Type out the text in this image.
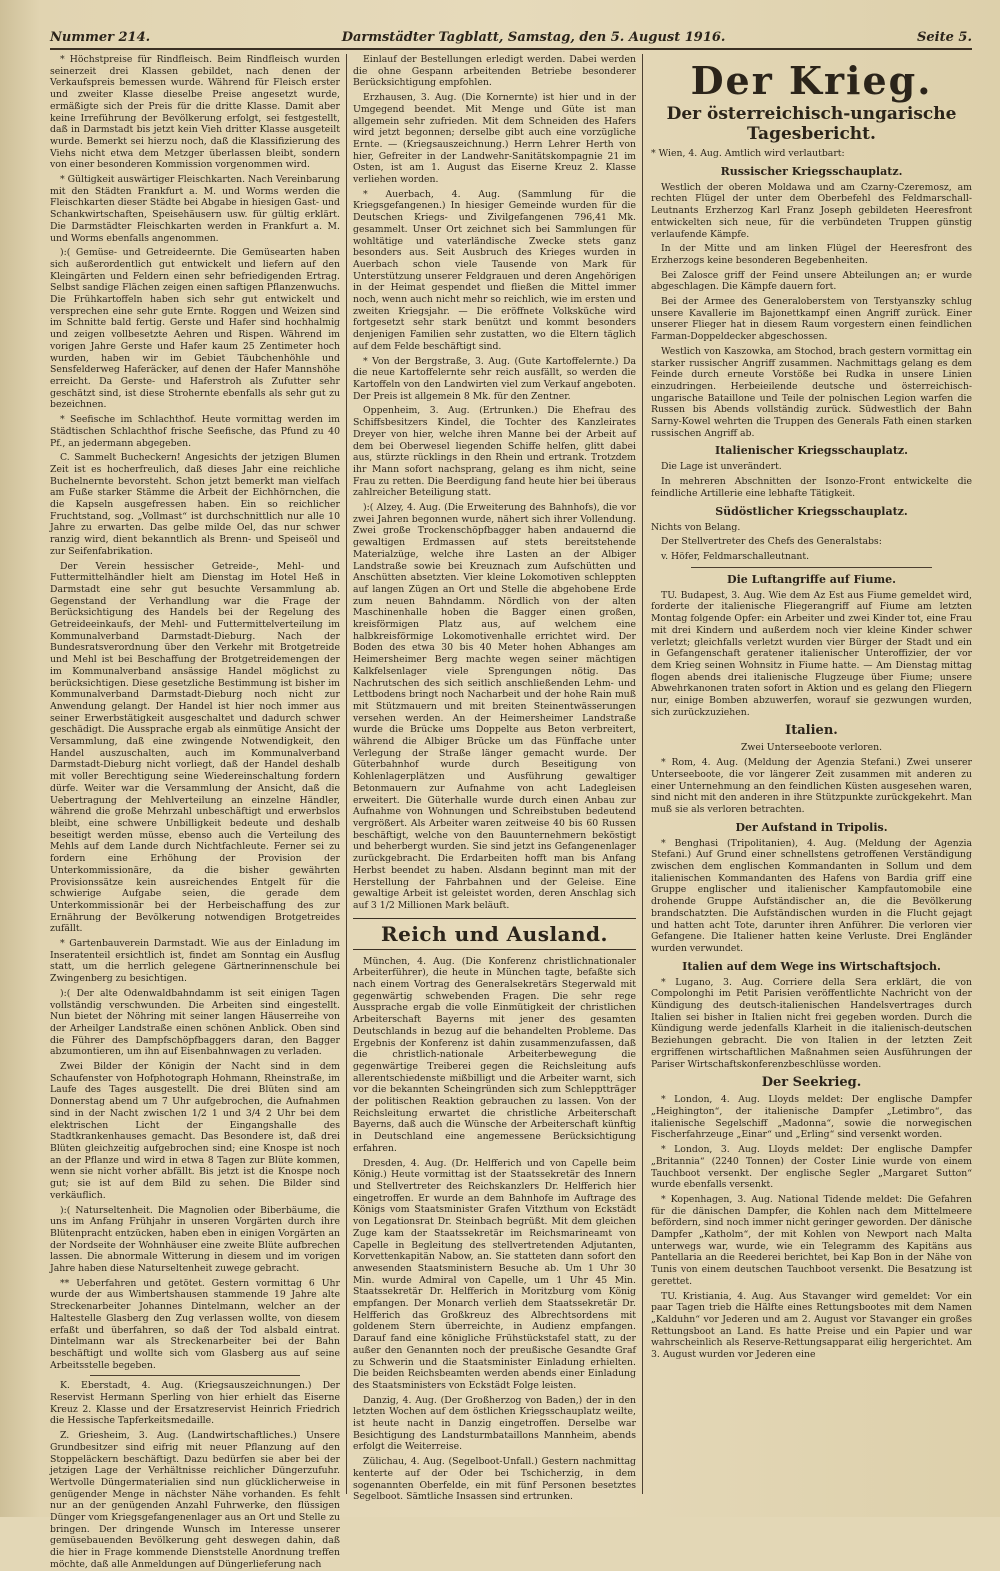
Nummer 214.	Darmstädter Tagblatt, Samstag, den 5. August 1916.	Seite 5.

* Höchstpreise für Rindfleisch. Beim Rindfleisch wurden seinerzeit drei Klassen gebildet, nach denen der Verkaufspreis bemessen wurde. Während für Fleisch erster und zweiter Klasse dieselbe Preise angesetzt wurde, ermäßigte sich der Preis für die dritte Klasse. Damit aber keine Irreführung der Bevölkerung erfolgt, sei festgestellt, daß in Darmstadt bis jetzt kein Vieh dritter Klasse ausgeteilt wurde. Bemerkt sei hierzu noch, daß die Klassifizierung des Viehs nicht etwa dem Metzger überlassen bleibt, sondern von einer besonderen Kommission vorgenommen wird.

* Gültigkeit auswärtiger Fleischkarten. Nach Vereinbarung mit den Städten Frankfurt a. M. und Worms werden die Fleischkarten dieser Städte bei Abgabe in hiesigen Gast- und Schankwirtschaften, Speisehäusern usw. für gültig erklärt. Die Darmstädter Fleischkarten werden in Frankfurt a. M. und Worms ebenfalls angenommen.

):( Gemüse- und Getreideernte. Die Gemüsearten haben sich außerordentlich gut entwickelt und liefern auf den Kleingärten und Feldern einen sehr befriedigenden Ertrag. Selbst sandige Flächen zeigen einen saftigen Pflanzenwuchs. Die Frühkartoffeln haben sich sehr gut entwickelt und versprechen eine sehr gute Ernte. Roggen und Weizen sind im Schnitte bald fertig. Gerste und Hafer sind hochhalmig und zeigen vollbesetzte Aehren und Rispen. Während im vorigen Jahre Gerste und Hafer kaum 25 Zentimeter hoch wurden, haben wir im Gebiet Täubchenhöhle und Sensfelderweg Haferäcker, auf denen der Hafer Mannshöhe erreicht. Da Gerste- und Haferstroh als Zufutter sehr geschätzt sind, ist diese Strohernte ebenfalls als sehr gut zu bezeichnen.

* Seefische im Schlachthof. Heute vormittag werden im Städtischen Schlachthof frische Seefische, das Pfund zu 40 Pf., an jedermann abgegeben.

C. Sammelt Bucheckern! Angesichts der jetzigen Blumen Zeit ist es hocherfreulich, daß dieses Jahr eine reichliche Buchelnernte bevorsteht. Schon jetzt bemerkt man vielfach am Fuße starker Stämme die Arbeit der Eichhörnchen, die die Kapseln ausgefressen haben. Ein so reichlicher Fruchtstand, sog. „Vollmast“ ist durchschnittlich nur alle 10 Jahre zu erwarten. Das gelbe milde Oel, das nur schwer ranzig wird, dient bekanntlich als Brenn- und Speiseöl und zur Seifenfabrikation.

Der Verein hessischer Getreide-, Mehl- und Futtermittelhändler hielt am Dienstag im Hotel Heß in Darmstadt eine sehr gut besuchte Versammlung ab. Gegenstand der Verhandlung war die Frage der Berücksichtigung des Handels bei der Regelung des Getreideeinkaufs, der Mehl- und Futtermittelverteilung im Kommunalverband Darmstadt-Dieburg. Nach der Bundesratsverordnung über den Verkehr mit Brotgetreide und Mehl ist bei Beschaffung der Brotgetreidemengen der im Kommunalverband ansässige Handel möglichst zu berücksichtigen. Diese gesetzliche Bestimmung ist bisher im Kommunalverband Darmstadt-Dieburg noch nicht zur Anwendung gelangt. Der Handel ist hier noch immer aus seiner Erwerbstätigkeit ausgeschaltet und dadurch schwer geschädigt. Die Aussprache ergab als einmütige Ansicht der Versammlung, daß eine zwingende Notwendigkeit, den Handel auszuschalten, auch im Kommunalverband Darmstadt-Dieburg nicht vorliegt, daß der Handel deshalb mit voller Berechtigung seine Wiedereinschaltung fordern dürfe. Weiter war die Versammlung der Ansicht, daß die Uebertragung der Mehlverteilung an einzelne Händler, während die große Mehrzahl unbeschäftigt und erwerbslos bleibt, eine schwere Unbilligkeit bedeute und deshalb beseitigt werden müsse, ebenso auch die Verteilung des Mehls auf dem Lande durch Nichtfachleute. Ferner sei zu fordern eine Erhöhung der Provision der Unterkommissionäre, da die bisher gewährten Provisionssätze kein ausreichendes Entgelt für die schwierige Aufgabe seien, die gerade dem Unterkommissionär bei der Herbeischaffung des zur Ernährung der Bevölkerung notwendigen Brotgetreides zufällt.

* Gartenbauverein Darmstadt. Wie aus der Einladung im Inseratenteil ersichtlich ist, findet am Sonntag ein Ausflug statt, um die herrlich gelegene Gärtnerinnenschule bei Zwingenberg zu besichtigen.

):( Der alte Odenwaldbahndamm ist seit einigen Tagen vollständig verschwunden. Die Arbeiten sind eingestellt. Nun bietet der Nöhring mit seiner langen Häuserreihe von der Arheilger Landstraße einen schönen Anblick. Oben sind die Führer des Dampfschöpfbaggers daran, den Bagger abzumontieren, um ihn auf Eisenbahnwagen zu verladen.

Zwei Bilder der Königin der Nacht sind in dem Schaufenster von Hofphotograph Hohmann, Rheinstraße, im Laufe des Tages ausgestellt. Die drei Blüten sind am Donnerstag abend um 7 Uhr aufgebrochen, die Aufnahmen sind in der Nacht zwischen 1/2 1 und 3/4 2 Uhr bei dem elektrischen Licht der Eingangshalle des Stadtkrankenhauses gemacht. Das Besondere ist, daß drei Blüten gleichzeitig aufgebrochen sind; eine Knospe ist noch an der Pflanze und wird in etwa 8 Tagen zur Blüte kommen, wenn sie nicht vorher abfällt. Bis jetzt ist die Knospe noch gut; sie ist auf dem Bild zu sehen. Die Bilder sind verkäuflich.

):( Naturseltenheit. Die Magnolien oder Biberbäume, die uns im Anfang Frühjahr in unseren Vorgärten durch ihre Blütenpracht entzücken, haben eben in einigen Vorgärten an der Nordseite der Wohnhäuser eine zweite Blüte aufbrechen lassen. Die abnormale Witterung in diesem und im vorigen Jahre haben diese Naturseltenheit zuwege gebracht.

** Ueberfahren und getötet. Gestern vormittag 6 Uhr wurde der aus Wimbertshausen stammende 19 Jahre alte Streckenarbeiter Johannes Dintelmann, welcher an der Haltestelle Glasberg den Zug verlassen wollte, von diesem erfaßt und überfahren, so daß der Tod alsbald eintrat. Dintelmann war als Streckenarbeiter bei der Bahn beschäftigt und wollte sich vom Glasberg aus auf seine Arbeitsstelle begeben.

K. Eberstadt, 4. Aug. (Kriegsauszeichnungen.) Der Reservist Hermann Sperling von hier erhielt das Eiserne Kreuz 2. Klasse und der Ersatzreservist Heinrich Friedrich die Hessische Tapferkeitsmedaille.

Z. Griesheim, 3. Aug. (Landwirtschaftliches.) Unsere Grundbesitzer sind eifrig mit neuer Pflanzung auf den Stoppeläckern beschäftigt. Dazu bedürfen sie aber bei der jetzigen Lage der Verhältnisse reichlicher Düngerzufuhr. Wertvolle Düngermaterialien sind nun glücklicherweise in genügender Menge in nächster Nähe vorhanden. Es fehlt nur an der genügenden Anzahl Fuhrwerke, den flüssigen Dünger vom Kriegsgefangenenlager aus an Ort und Stelle zu bringen. Der dringende Wunsch im Interesse unserer gemüsebauenden Bevölkerung geht deswegen dahin, daß die hier in Frage kommende Dienststelle Anordnung treffen möchte, daß alle Anmeldungen auf Düngerlieferung nach

Einlauf der Bestellungen erledigt werden. Dabei werden die ohne Gespann arbeitenden Betriebe besonderer Berücksichtigung empfohlen.

Erzhausen, 3. Aug. (Die Kornernte) ist hier und in der Umgegend beendet. Mit Menge und Güte ist man allgemein sehr zufrieden. Mit dem Schneiden des Hafers wird jetzt begonnen; derselbe gibt auch eine vorzügliche Ernte. — (Kriegsauszeichnung.) Herrn Lehrer Herth von hier, Gefreiter in der Landwehr-Sanitätskompagnie 21 im Osten, ist am 1. August das Eiserne Kreuz 2. Klasse verliehen worden.

* Auerbach, 4. Aug. (Sammlung für die Kriegsgefangenen.) In hiesiger Gemeinde wurden für die Deutschen Kriegs- und Zivilgefangenen 796,41 Mk. gesammelt. Unser Ort zeichnet sich bei Sammlungen für wohltätige und vaterländische Zwecke stets ganz besonders aus. Seit Ausbruch des Krieges wurden in Auerbach schon viele Tausende von Mark für Unterstützung unserer Feldgrauen und deren Angehörigen in der Heimat gespendet und fließen die Mittel immer noch, wenn auch nicht mehr so reichlich, wie im ersten und zweiten Kriegsjahr. — Die eröffnete Volksküche wird fortgesetzt sehr stark benützt und kommt besonders denjenigen Familien sehr zustatten, wo die Eltern täglich auf dem Felde beschäftigt sind.

* Von der Bergstraße, 3. Aug. (Gute Kartoffelernte.) Da die neue Kartoffelernte sehr reich ausfällt, so werden die Kartoffeln von den Landwirten viel zum Verkauf angeboten. Der Preis ist allgemein 8 Mk. für den Zentner.

Oppenheim, 3. Aug. (Ertrunken.) Die Ehefrau des Schiffsbesitzers Kindel, die Tochter des Kanzleirates Dreyer von hier, welche ihren Manne bei der Arbeit auf dem bei Oberwesel liegenden Schiffe helfen, glitt dabei aus, stürzte rücklings in den Rhein und ertrank. Trotzdem ihr Mann sofort nachsprang, gelang es ihm nicht, seine Frau zu retten. Die Beerdigung fand heute hier bei überaus zahlreicher Beteiligung statt.

):( Alzey, 4. Aug. (Die Erweiterung des Bahnhofs), die vor zwei Jahren begonnen wurde, nähert sich ihrer Vollendung. Zwei große Trockenschöpfbagger haben andauernd die gewaltigen Erdmassen auf stets bereitstehende Materialzüge, welche ihre Lasten an der Albiger Landstraße sowie bei Kreuznach zum Aufschütten und Anschütten absetzten. Vier kleine Lokomotiven schleppten auf langen Zügen an Ort und Stelle die abgehobene Erde zum neuen Bahndamm. Nördlich von der alten Maschinenhalle hoben die Bagger einen großen, kreisförmigen Platz aus, auf welchem eine halbkreisförmige Lokomotivenhalle errichtet wird. Der Boden des etwa 30 bis 40 Meter hohen Abhanges am Heimersheimer Berg machte wegen seiner mächtigen Kalkfelsenlager viele Sprengungen nötig. Das Nachrutschen des sich seitlich anschließenden Lehm- und Lettbodens bringt noch Nacharbeit und der hohe Rain muß mit Stützmauern und mit breiten Steinentwässerungen versehen werden. An der Heimersheimer Landstraße wurde die Brücke ums Doppelte aus Beton verbreitert, während die Albiger Brücke um das Fünffache unter Verlegung der Straße länger gemacht wurde. Der Güterbahnhof wurde durch Beseitigung von Kohlenlagerplätzen und Ausführung gewaltiger Betonmauern zur Aufnahme von acht Ladegleisen erweitert. Die Güterhalle wurde durch einen Anbau zur Aufnahme von Wohnungen und Schreibstuben bedeutend vergrößert. Als Arbeiter waren zeitweise 40 bis 60 Russen beschäftigt, welche von den Bauunternehmern beköstigt und beherbergt wurden. Sie sind jetzt ins Gefangenenlager zurückgebracht. Die Erdarbeiten hofft man bis Anfang Herbst beendet zu haben. Alsdann beginnt man mit der Herstellung der Fahrbahnen und der Geleise. Eine gewaltige Arbeit ist geleistet worden, deren Anschlag sich auf 3 1/2 Millionen Mark beläuft.

Reich und Ausland.

München, 4. Aug. (Die Konferenz christlichnationaler Arbeiterführer), die heute in München tagte, befaßte sich nach einem Vortrag des Generalsekretärs Stegerwald mit gegenwärtig schwebenden Fragen. Die sehr rege Aussprache ergab die volle Einmütigkeit der christlichen Arbeiterschaft Bayerns mit jener des gesamten Deutschlands in bezug auf die behandelten Probleme. Das Ergebnis der Konferenz ist dahin zusammenzufassen, daß die christlich-nationale Arbeiterbewegung die gegenwärtige Treiberei gegen die Reichsleitung aufs allerentschiedenste mißbilligt und die Arbeiter warnt, sich vor die bekannten Scheingründen sich zum Schlepptträger der politischen Reaktion gebrauchen zu lassen. Von der Reichsleitung erwartet die christliche Arbeiterschaft Bayerns, daß auch die Wünsche der Arbeiterschaft künftig in Deutschland eine angemessene Berücksichtigung erfahren.

Dresden, 4. Aug. (Dr. Helfferich und von Capelle beim König.) Heute vormittag ist der Staatssekretär des Innern und Stellvertreter des Reichskanzlers Dr. Helfferich hier eingetroffen. Er wurde an dem Bahnhofe im Auftrage des Königs vom Staatsminister Grafen Vitzthum von Eckstädt von Legationsrat Dr. Steinbach begrüßt. Mit dem gleichen Zuge kam der Staatssekretär im Reichsmarineamt von Capelle in Begleitung des stellvertretenden Adjutanten, Korvettenkapitän Nabow, an. Sie statteten dann sofort den anwesenden Staatsministern Besuche ab. Um 1 Uhr 30 Min. wurde Admiral von Capelle, um 1 Uhr 45 Min. Staatssekretär Dr. Helfferich in Moritzburg vom König empfangen. Der Monarch verlieh dem Staatssekretär Dr. Helfferich das Großkreuz des Albrechtsordens mit goldenem Stern überreichte, in Audienz empfangen. Darauf fand eine königliche Frühstückstafel statt, zu der außer den Genannten noch der preußische Gesandte Graf zu Schwerin und die Staatsminister Einladung erhielten. Die beiden Reichsbeamten werden abends einer Einladung des Staatsministers von Eckstädt Folge leisten.

Danzig, 4. Aug. (Der Großherzog von Baden,) der in den letzten Wochen auf dem östlichen Kriegsschauplatz weilte, ist heute nacht in Danzig eingetroffen. Derselbe war Besichtigung des Landsturmbataillons Mannheim, abends erfolgt die Weiterreise.

Zülichau, 4. Aug. (Segelboot-Unfall.) Gestern nachmittag kenterte auf der Oder bei Tschicherzig, in dem sogenannten Oberfelde, ein mit fünf Personen besetztes Segelboot. Sämtliche Insassen sind ertrunken.

Der Krieg.
Der österreichisch-ungarische Tagesbericht.

* Wien, 4. Aug. Amtlich wird verlautbart:

Russischer Kriegsschauplatz.

Westlich der oberen Moldawa und am Czarny-Czeremosz, am rechten Flügel der unter dem Oberbefehl des Feldmarschall-Leutnants Erzherzog Karl Franz Joseph gebildeten Heeresfront entwickelten sich neue, für die verbündeten Truppen günstig verlaufende Kämpfe.

In der Mitte und am linken Flügel der Heeresfront des Erzherzogs keine besonderen Begebenheiten.

Bei Zalosce griff der Feind unsere Abteilungen an; er wurde abgeschlagen. Die Kämpfe dauern fort.

Bei der Armee des Generaloberstem von Terstyanszky schlug unsere Kavallerie im Bajonettkampf einen Angriff zurück. Einer unserer Flieger hat in diesem Raum vorgestern einen feindlichen Farman-Doppeldecker abgeschossen.

Westlich von Kaszowka, am Stochod, brach gestern vormittag ein starker russischer Angriff zusammen. Nachmittags gelang es dem Feinde durch erneute Vorstöße bei Rudka in unsere Linien einzudringen. Herbeieilende deutsche und österreichisch-ungarische Bataillone und Teile der polnischen Legion warfen die Russen bis Abends vollständig zurück. Südwestlich der Bahn Sarny-Kowel wehrten die Truppen des Generals Fath einen starken russischen Angriff ab.

Italienischer Kriegsschauplatz.

Die Lage ist unverändert.

In mehreren Abschnitten der Isonzo-Front entwickelte die feindliche Artillerie eine lebhafte Tätigkeit.

Südöstlicher Kriegsschauplatz.

Nichts von Belang.

Der Stellvertreter des Chefs des Generalstabs:

v. Höfer, Feldmarschalleutnant.

Die Luftangriffe auf Fiume.

TU. Budapest, 3. Aug. Wie dem Az Est aus Fiume gemeldet wird, forderte der italienische Fliegerangriff auf Fiume am letzten Montag folgende Opfer: ein Arbeiter und zwei Kinder tot, eine Frau mit drei Kindern und außerdem noch vier kleine Kinder schwer verletzt; gleichfalls verletzt wurden vier Bürger der Stadt und ein in Gefangenschaft geratener italienischer Unteroffizier, der vor dem Krieg seinen Wohnsitz in Fiume hatte. — Am Dienstag mittag flogen abends drei italienische Flugzeuge über Fiume; unsere Abwehrkanonen traten sofort in Aktion und es gelang den Fliegern nur, einige Bomben abzuwerfen, worauf sie gezwungen wurden, sich zurückzuziehen.

Italien.
Zwei Unterseeboote verloren.

* Rom, 4. Aug. (Meldung der Agenzia Stefani.) Zwei unserer Unterseeboote, die vor längerer Zeit zusammen mit anderen zu einer Unternehmung an den feindlichen Küsten ausgesehen waren, sind nicht mit den anderen in ihre Stützpunkte zurückgekehrt. Man muß sie als verloren betrachten.

Der Aufstand in Tripolis.

* Benghasi (Tripolitanien), 4. Aug. (Meldung der Agenzia Stefani.) Auf Grund einer schnellstens getroffenen Verständigung zwischen dem englischen Kommandanten in Sollum und dem italienischen Kommandanten des Hafens von Bardia griff eine Gruppe englischer und italienischer Kampfautomobile eine drohende Gruppe Aufständischer an, die die Bevölkerung brandschatzten. Die Aufständischen wurden in die Flucht gejagt und hatten acht Tote, darunter ihren Anführer. Die verloren vier Gefangene. Die Italiener hatten keine Verluste. Drei Engländer wurden verwundet.

Italien auf dem Wege ins Wirtschaftsjoch.

* Lugano, 3. Aug. Corriere della Sera erklärt, die von Compolonghi im Petit Parisien veröffentlichte Nachricht von der Kündigung des deutsch-italienischen Handelsvertrages durch Italien sei bisher in Italien nicht frei gegeben worden. Durch die Kündigung werde jedenfalls Klarheit in die italienisch-deutschen Beziehungen gebracht. Die von Italien in der letzten Zeit ergriffenen wirtschaftlichen Maßnahmen seien Ausführungen der Pariser Wirtschaftskonferenzbeschlüsse worden.

Der Seekrieg.

* London, 4. Aug. Lloyds meldet: Der englische Dampfer „Heighington“, der italienische Dampfer „Letimbro“, das italienische Segelschiff „Madonna“, sowie die norwegischen Fischerfahrzeuge „Einar“ und „Erling“ sind versenkt worden.

* London, 3. Aug. Lloyds meldet: Der englische Dampfer „Britannia“ (2240 Tonnen) der Coster Linie wurde von einem Tauchboot versenkt. Der englische Segler „Margaret Sutton“ wurde ebenfalls versenkt.

* Kopenhagen, 3. Aug. National Tidende meldet: Die Gefahren für die dänischen Dampfer, die Kohlen nach dem Mittelmeere befördern, sind noch immer nicht geringer geworden. Der dänische Dampfer „Katholm“, der mit Kohlen von Newport nach Malta unterwegs war, wurde, wie ein Telegramm des Kapitäns aus Pantellaria an die Reederei berichtet, bei Kap Bon in der Nähe von Tunis von einem deutschen Tauchboot versenkt. Die Besatzung ist gerettet.

TU. Kristiania, 4. Aug. Aus Stavanger wird gemeldet: Vor ein paar Tagen trieb die Hälfte eines Rettungsbootes mit dem Namen „Kalduhn“ vor Jederen und am 2. August vor Stavanger ein großes Rettungsboot an Land. Es hatte Preise und ein Papier und war wahrscheinlich als Reserve-Rettungsapparat eilig hergerichtet. Am 3. August wurden vor Jederen eine
